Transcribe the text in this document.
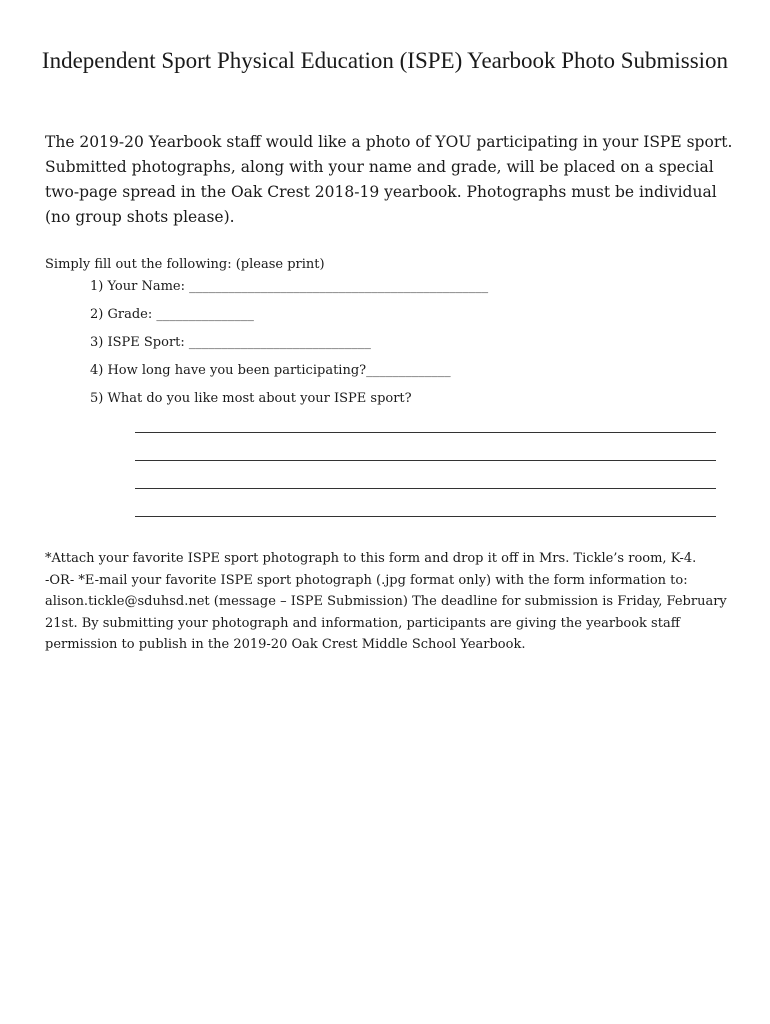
Independent Sport Physical Education (ISPE) Yearbook Photo Submission

The 2019-20 Yearbook staff would like a photo of YOU participating in your ISPE sport. Submitted photographs, along with your name and grade, will be placed on a special two-page spread in the Oak Crest 2018-19 yearbook. Photographs must be individual (no group shots please).

Simply fill out the following: (please print)

1) Your Name: ______________________________________________
2) Grade: _______________
3) ISPE Sport: ____________________________
4) How long have you been participating?_____________
5) What do you like most about your ISPE sport?

*Attach your favorite ISPE sport photograph to this form and drop it off in Mrs. Tickle’s room, K-4.
-OR- *E-mail your favorite ISPE sport photograph (.jpg format only) with the form information to:
alison.tickle@sduhsd.net (message – ISPE Submission) The deadline for submission is Friday, February
21st. By submitting your photograph and information, participants are giving the yearbook staff
permission to publish in the 2019-20 Oak Crest Middle School Yearbook.
